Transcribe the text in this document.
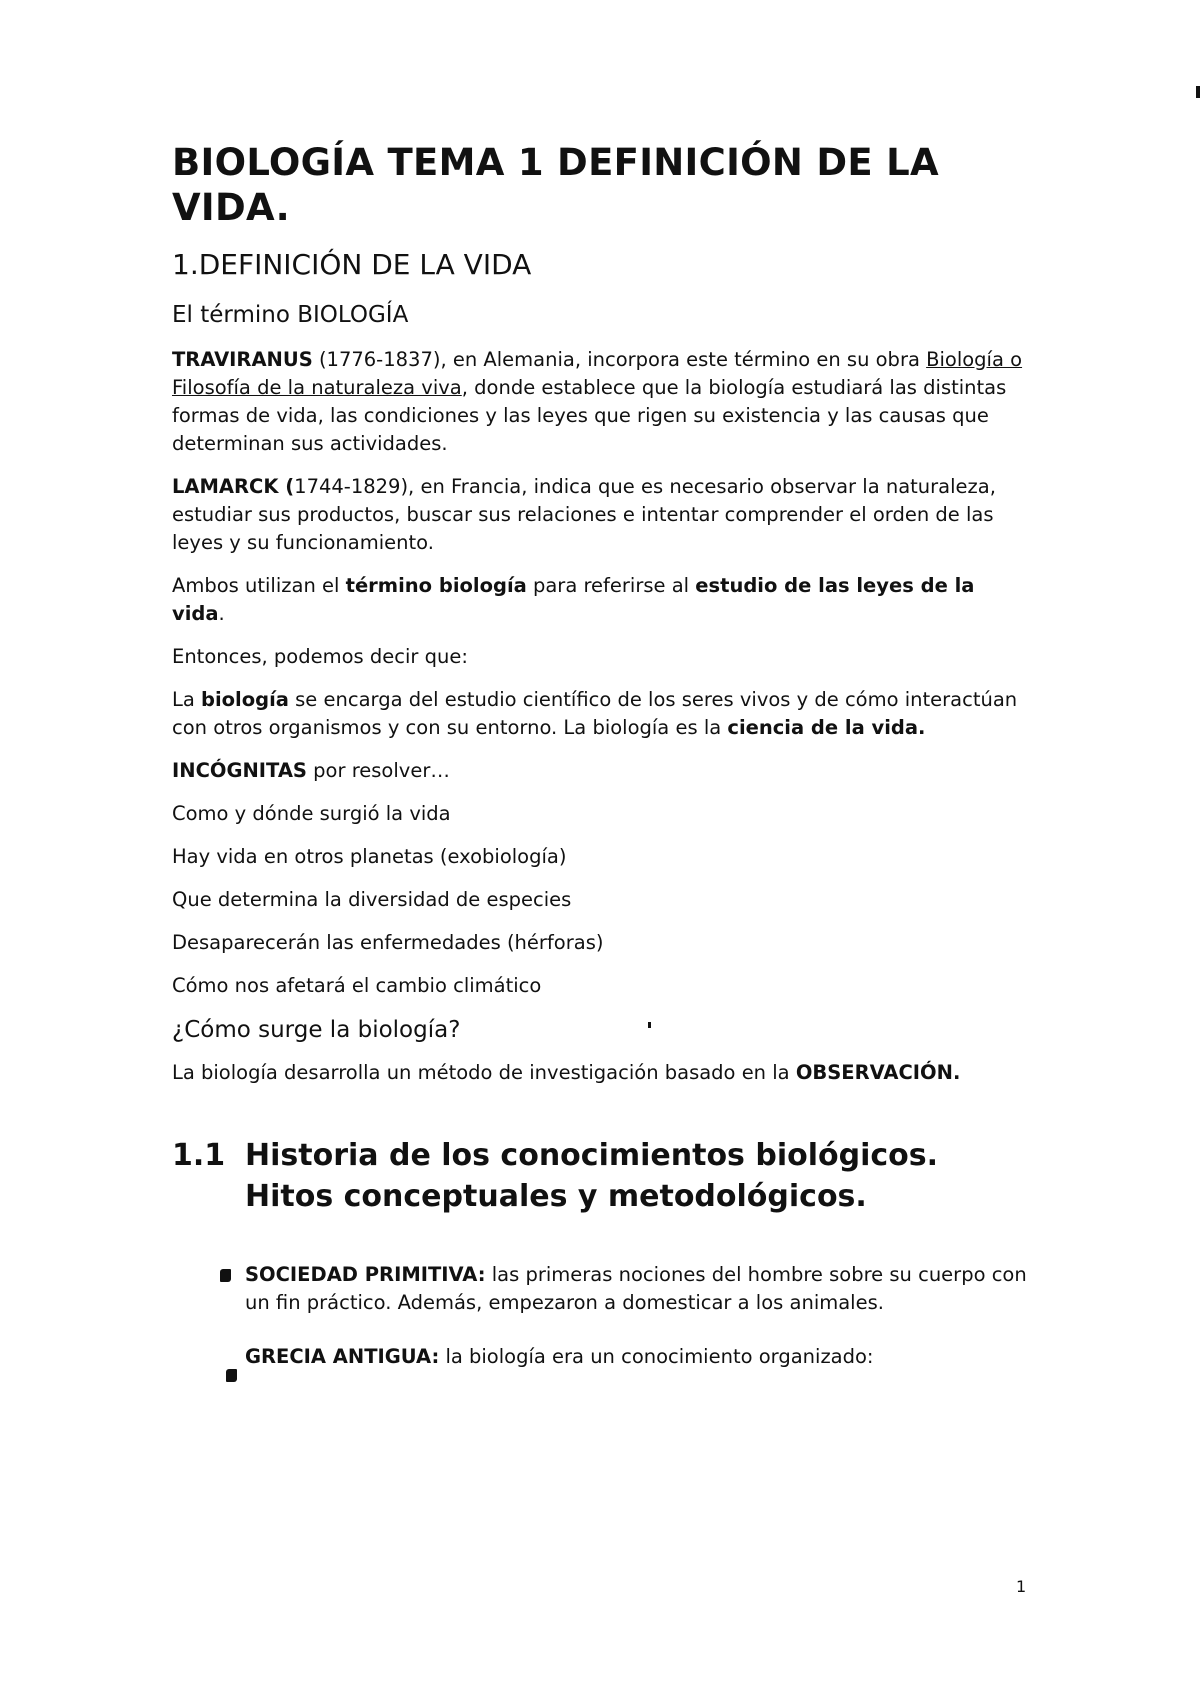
BIOLOGÍA TEMA 1 DEFINICIÓN DE LA VIDA.
1.DEFINICIÓN DE LA VIDA
El término BIOLOGÍA

TRAVIRANUS (1776-1837), en Alemania, incorpora este término en su obra Biología o Filosofía de la naturaleza viva, donde establece que la biología estudiará las distintas formas de vida, las condiciones y las leyes que rigen su existencia y las causas que determinan sus actividades.

LAMARCK (1744-1829), en Francia, indica que es necesario observar la naturaleza, estudiar sus productos, buscar sus relaciones e intentar comprender el orden de las leyes y su funcionamiento.

Ambos utilizan el término biología para referirse al estudio de las leyes de la vida.

Entonces, podemos decir que:

La biología se encarga del estudio científico de los seres vivos y de cómo interactúan con otros organismos y con su entorno. La biología es la ciencia de la vida.

INCÓGNITAS por resolver…

Como y dónde surgió la vida

Hay vida en otros planetas (exobiología)

Que determina la diversidad de especies

Desaparecerán las enfermedades (hérforas)

Cómo nos afetará el cambio climático

¿Cómo surge la biología?

La biología desarrolla un método de investigación basado en la OBSERVACIÓN.

1.1 Historia de los conocimientos biológicos. Hitos conceptuales y metodológicos.
SOCIEDAD PRIMITIVA: las primeras nociones del hombre sobre su cuerpo con un fin práctico. Además, empezaron a domesticar a los animales.
GRECIA ANTIGUA: la biología era un conocimiento organizado:
1
